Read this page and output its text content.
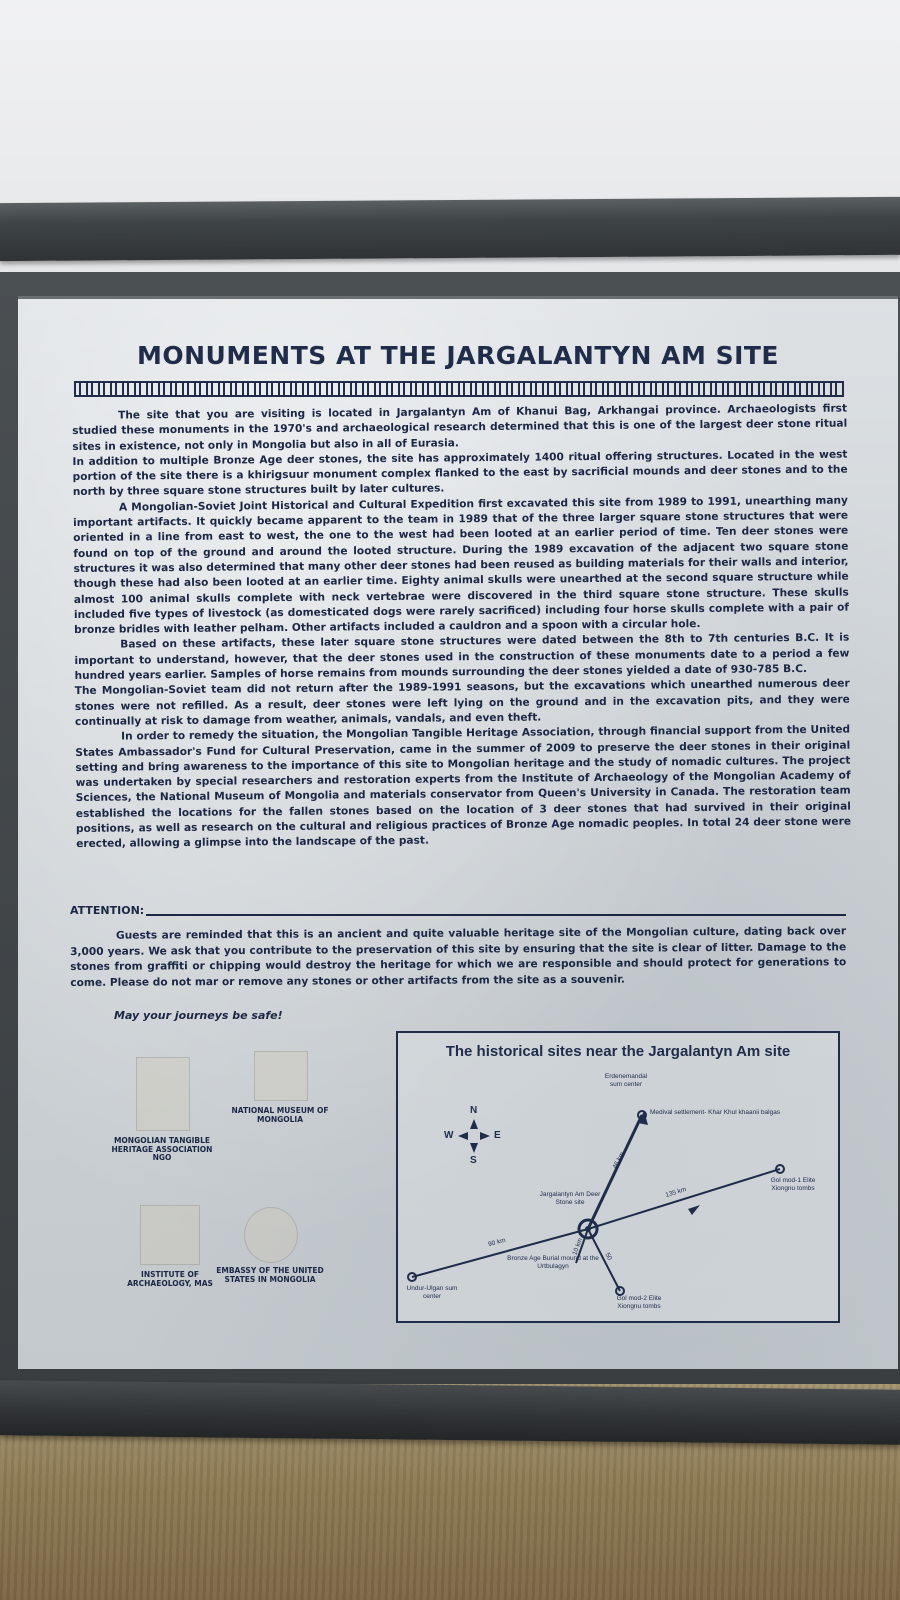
MONUMENTS AT THE JARGALANTYN AM SITE

The site that you are visiting is located in Jargalantyn Am of Khanui Bag, Arkhangai province. Archaeologists first studied these monuments in the 1970's and archaeological research determined that this is one of the largest deer stone ritual sites in existence, not only in Mongolia but also in all of Eurasia.

In addition to multiple Bronze Age deer stones, the site has approximately 1400 ritual offering structures. Located in the west portion of the site there is a khirigsuur monument complex flanked to the east by sacrificial mounds and deer stones and to the north by three square stone structures built by later cultures.

A Mongolian-Soviet Joint Historical and Cultural Expedition first excavated this site from 1989 to 1991, unearthing many important artifacts. It quickly became apparent to the team in 1989 that of the three larger square stone structures that were oriented in a line from east to west, the one to the west had been looted at an earlier period of time. Ten deer stones were found on top of the ground and around the looted structure. During the 1989 excavation of the adjacent two square stone structures it was also determined that many other deer stones had been reused as building materials for their walls and interior, though these had also been looted at an earlier time. Eighty animal skulls were unearthed at the second square structure while almost 100 animal skulls complete with neck vertebrae were discovered in the third square stone structure. These skulls included five types of livestock (as domesticated dogs were rarely sacrificed) including four horse skulls complete with a pair of bronze bridles with leather pelham. Other artifacts included a cauldron and a spoon with a circular hole.

Based on these artifacts, these later square stone structures were dated between the 8th to 7th centuries B.C. It is important to understand, however, that the deer stones used in the construction of these monuments date to a period a few hundred years earlier. Samples of horse remains from mounds surrounding the deer stones yielded a date of 930-785 B.C.

The Mongolian-Soviet team did not return after the 1989-1991 seasons, but the excavations which unearthed numerous deer stones were not refilled. As a result, deer stones were left lying on the ground and in the excavation pits, and they were continually at risk to damage from weather, animals, vandals, and even theft.

In order to remedy the situation, the Mongolian Tangible Heritage Association, through financial support from the United States Ambassador's Fund for Cultural Preservation, came in the summer of 2009 to preserve the deer stones in their original setting and bring awareness to the importance of this site to Mongolian heritage and the study of nomadic cultures. The project was undertaken by special researchers and restoration experts from the Institute of Archaeology of the Mongolian Academy of Sciences, the National Museum of Mongolia and materials conservator from Queen's University in Canada. The restoration team established the locations for the fallen stones based on the location of 3 deer stones that had survived in their original positions, as well as research on the cultural and religious practices of Bronze Age nomadic peoples. In total 24 deer stone were erected, allowing a glimpse into the landscape of the past.

ATTENTION:

Guests are reminded that this is an ancient and quite valuable heritage site of the Mongolian culture, dating back over 3,000 years. We ask that you contribute to the preservation of this site by ensuring that the site is clear of litter. Damage to the stones from graffiti or chipping would destroy the heritage for which we are responsible and should protect for generations to come. Please do not mar or remove any stones or other artifacts from the site as a souvenir.

May your journeys be safe!
MONGOLIAN TANGIBLE HERITAGE ASSOCIATION NGO
NATIONAL MUSEUM OF MONGOLIA
INSTITUTE OF ARCHAEOLOGY, MAS
EMBASSY OF THE UNITED STATES IN MONGOLIA
The historical sites near the Jargalantyn Am site
N
S
W	E
Erdenemandal sum center
Medival settlement- Khar Khul khaanii balgas
Jargalantyn Am Deer Stone site
Gol mod-1 Elite Xiongnu tombs
Gol mod-2 Elite Xiongnu tombs
Undur-Ulgan sum center
Bronze Age Burial mound at the Urtbulagyn
46 km
135 km
90 km	10 km
50
